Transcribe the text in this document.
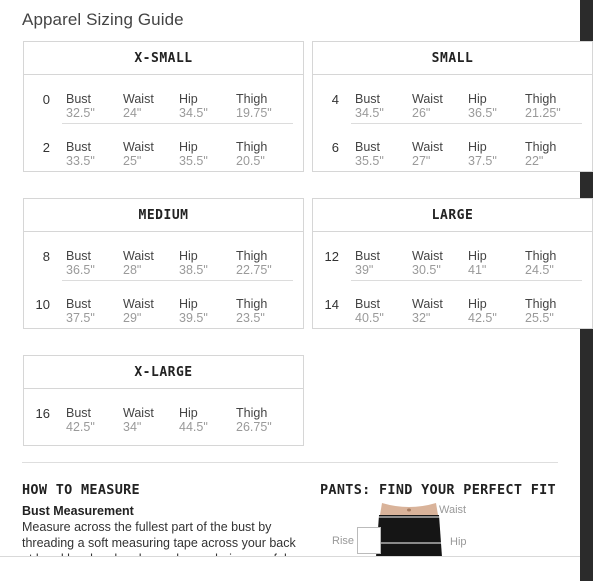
Apparel Sizing Guide
X-SMALL
0 Bust
32.5ʺ
Waist
24ʺ
Hip
34.5ʺ
Thigh
19.75ʺ
2 Bust
33.5ʺ
Waist
25ʺ
Hip
35.5ʺ
Thigh
20.5ʺ
SMALL
4 Bust
34.5ʺ
Waist
26ʺ
Hip
36.5ʺ
Thigh
21.25ʺ
6 Bust
35.5ʺ
Waist
27ʺ
Hip
37.5ʺ
Thigh
22ʺ
MEDIUM
8 Bust
36.5ʺ
Waist
28ʺ
Hip
38.5ʺ
Thigh
22.75ʺ
10 Bust
37.5ʺ
Waist
29ʺ
Hip
39.5ʺ
Thigh
23.5ʺ
LARGE
12 Bust
39ʺ
Waist
30.5ʺ
Hip
41ʺ
Thigh
24.5ʺ
14 Bust
40.5ʺ
Waist
32ʺ
Hip
42.5ʺ
Thigh
25.5ʺ
X-LARGE
16 Bust
42.5ʺ
Waist
34ʺ
Hip
44.5ʺ
Thigh
26.75ʺ
HOW TO MEASURE
Bust Measurement
Measure across the fullest part of the bust by threading a soft measuring tape across your back
PANTS: FIND YOUR PERFECT FIT
Waist
Rise	Hip
